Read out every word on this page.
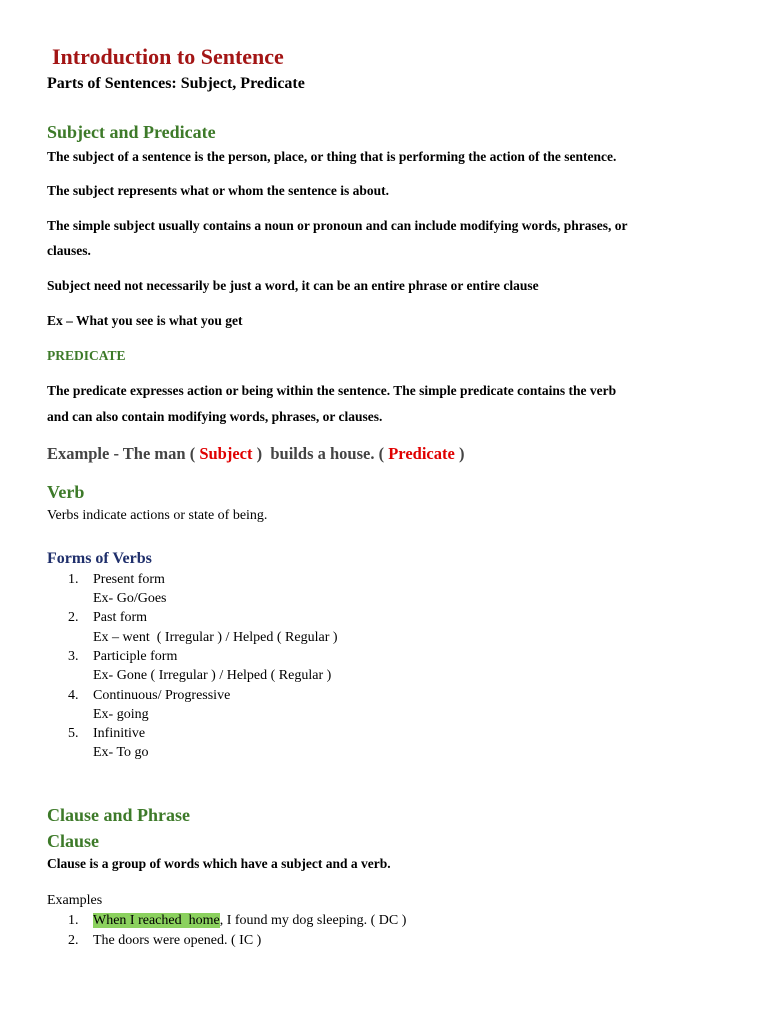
Introduction to Sentence
Parts of Sentences: Subject, Predicate
Subject and Predicate
The subject of a sentence is the person, place, or thing that is performing the action of the sentence.
The subject represents what or whom the sentence is about.
The simple subject usually contains a noun or pronoun and can include modifying words, phrases, or
clauses.
Subject need not necessarily be just a word, it can be an entire phrase or entire clause
Ex – What you see is what you get
PREDICATE
The predicate expresses action or being within the sentence. The simple predicate contains the verb
and can also contain modifying words, phrases, or clauses.
Example - The man ( Subject )  builds a house. ( Predicate )
Verb
Verbs indicate actions or state of being.
Forms of Verbs
1. Present form
Ex- Go/Goes
2. Past form
Ex – went  ( Irregular ) / Helped ( Regular )
3. Participle form
Ex- Gone ( Irregular ) / Helped ( Regular )
4. Continuous/ Progressive
Ex- going
5. Infinitive
Ex- To go
Clause and Phrase
Clause
Clause is a group of words which have a subject and a verb.
Examples
1. When I reached  home, I found my dog sleeping. ( DC )
2. The doors were opened. ( IC )
